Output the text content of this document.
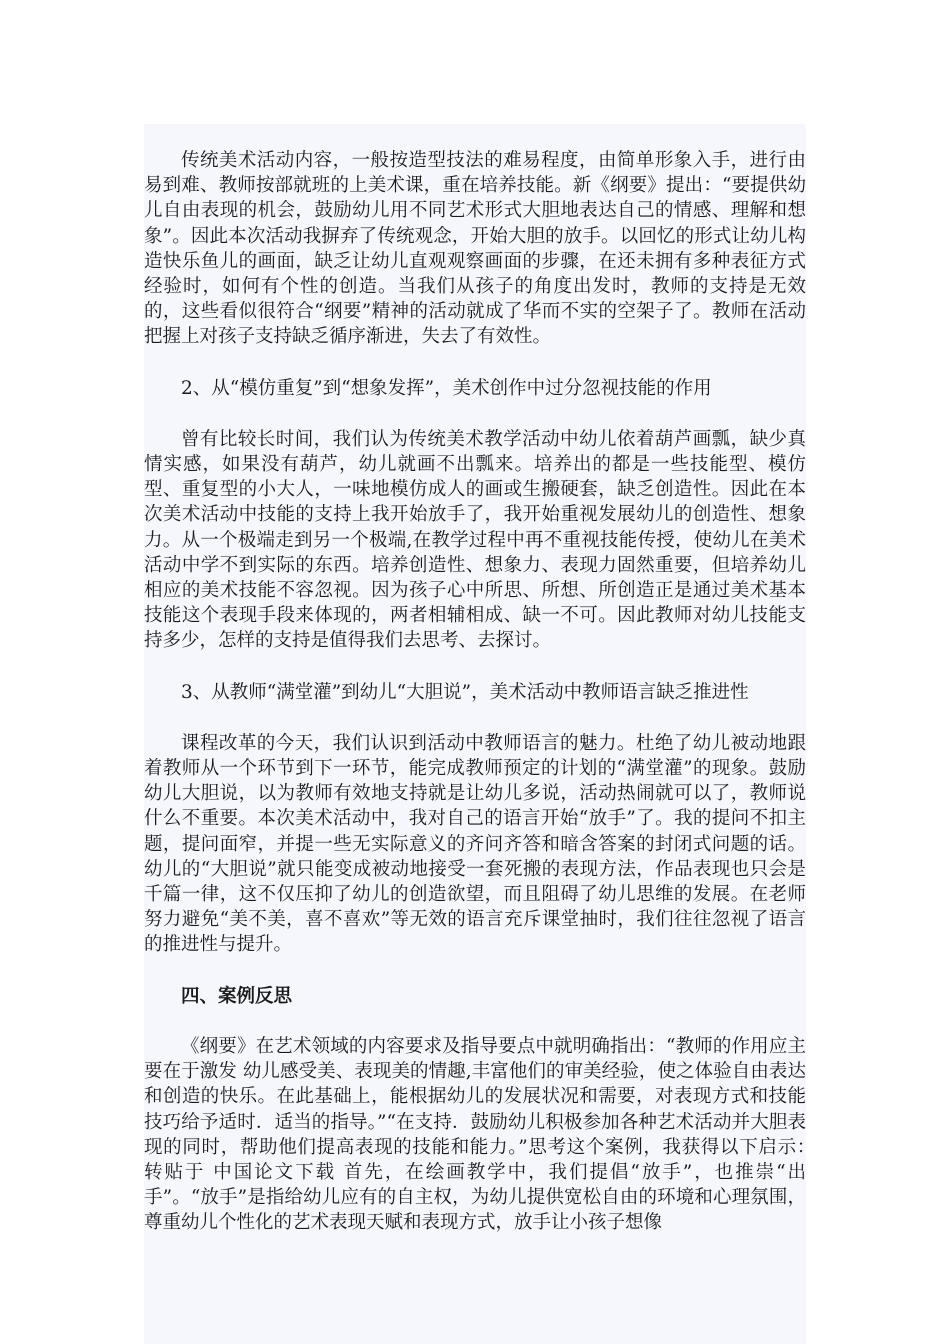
传统美术活动内容，一般按造型技法的难易程度，由简单形象入手，进行由易到难、教师按部就班的上美术课，重在培养技能。新《纲要》提出：“要提供幼儿自由表现的机会，鼓励幼儿用不同艺术形式大胆地表达自己的情感、理解和想象”。因此本次活动我摒弃了传统观念，开始大胆的放手。以回忆的形式让幼儿构造快乐鱼儿的画面，缺乏让幼儿直观观察画面的步骤，在还未拥有多种表征方式经验时，如何有个性的创造。当我们从孩子的角度出发时，教师的支持是无效的，这些看似很符合“纲要”精神的活动就成了华而不实的空架子了。教师在活动把握上对孩子支持缺乏循序渐进，失去了有效性。

2、从“模仿重复”到“想象发挥”，美术创作中过分忽视技能的作用

曾有比较长时间，我们认为传统美术教学活动中幼儿依着葫芦画瓢，缺少真情实感，如果没有葫芦，幼儿就画不出瓢来。培养出的都是一些技能型、模仿型、重复型的小大人，一味地模仿成人的画或生搬硬套，缺乏创造性。因此在本次美术活动中技能的支持上我开始放手了，我开始重视发展幼儿的创造性、想象力。从一个极端走到另一个极端,在教学过程中再不重视技能传授，使幼儿在美术活动中学不到实际的东西。培养创造性、想象力、表现力固然重要，但培养幼儿相应的美术技能不容忽视。因为孩子心中所思、所想、所创造正是通过美术基本技能这个表现手段来体现的，两者相辅相成、缺一不可。因此教师对幼儿技能支持多少，怎样的支持是值得我们去思考、去探讨。

3、从教师“满堂灌”到幼儿“大胆说”，美术活动中教师语言缺乏推进性

课程改革的今天，我们认识到活动中教师语言的魅力。杜绝了幼儿被动地跟着教师从一个环节到下一环节，能完成教师预定的计划的“满堂灌”的现象。鼓励幼儿大胆说，以为教师有效地支持就是让幼儿多说，活动热闹就可以了，教师说什么不重要。本次美术活动中，我对自己的语言开始“放手”了。我的提问不扣主题，提问面窄，并提一些无实际意义的齐问齐答和暗含答案的封闭式问题的话。幼儿的“大胆说”就只能变成被动地接受一套死搬的表现方法，作品表现也只会是千篇一律，这不仅压抑了幼儿的创造欲望，而且阻碍了幼儿思维的发展。在老师努力避免“美不美，喜不喜欢”等无效的语言充斥课堂抽时，我们往往忽视了语言的推进性与提升。

四、案例反思

《纲要》在艺术领域的内容要求及指导要点中就明确指出：“教师的作用应主要在于激发 幼儿感受美、表现美的情趣,丰富他们的审美经验，使之体验自由表达和创造的快乐。在此基础上，能根据幼儿的发展状况和需要，对表现方式和技能技巧给予适时．适当的指导。”“在支持．鼓励幼儿积极参加各种艺术活动并大胆表现的同时，帮助他们提高表现的技能和能力。”思考这个案例，我获得以下启示：　　　转贴于 中国论文下载 首先，在绘画教学中，我们提倡“放手”，也推崇“出手”。“放手”是指给幼儿应有的自主权，为幼儿提供宽松自由的环境和心理氛围，尊重幼儿个性化的艺术表现天赋和表现方式，放手让小孩子想像
